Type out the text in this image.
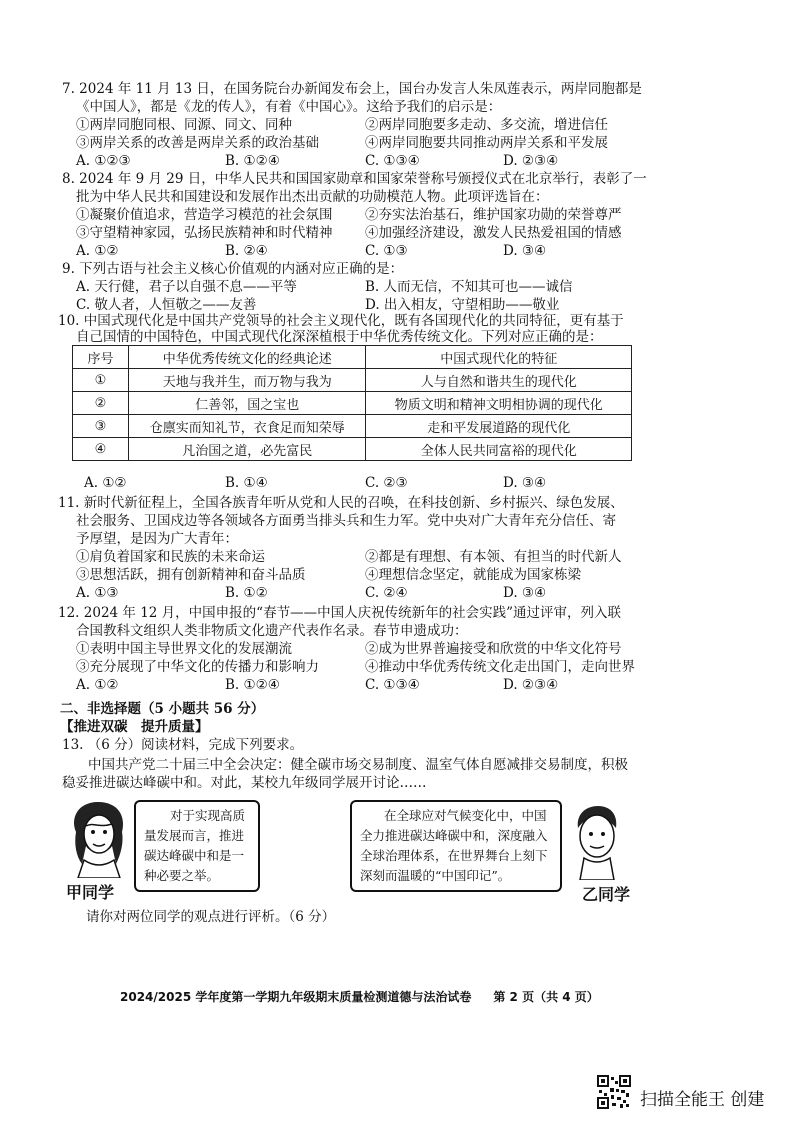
7. 2024 年 11 月 13 日，在国务院台办新闻发布会上，国台办发言人朱凤莲表示，两岸同胞都是
《中国人》，都是《龙的传人》，有着《中国心》。这给予我们的启示是：
①两岸同胞同根、同源、同文、同种	②两岸同胞要多走动、多交流，增进信任
③两岸关系的改善是两岸关系的政治基础	④两岸同胞要共同推动两岸关系和平发展
A. ①②③	B. ①②④	C. ①③④	D. ②③④
8. 2024 年 9 月 29 日，中华人民共和国国家勋章和国家荣誉称号颁授仪式在北京举行，表彰了一
批为中华人民共和国建设和发展作出杰出贡献的功勋模范人物。此项评选旨在：
①凝聚价值追求，营造学习模范的社会氛围 ②夯实法治基石，维护国家功勋的荣誉尊严
③守望精神家园，弘扬民族精神和时代精神 ④加强经济建设，激发人民热爱祖国的情感
A. ①②	B. ②④	C. ①③	D. ③④
9. 下列古语与社会主义核心价值观的内涵对应正确的是：
A. 天行健，君子以自强不息——平等	B. 人而无信，不知其可也——诚信
C. 敬人者，人恒敬之——友善	D. 出入相友，守望相助——敬业
10. 中国式现代化是中国共产党领导的社会主义现代化，既有各国现代化的共同特征，更有基于
自己国情的中国特色，中国式现代化深深植根于中华优秀传统文化。下列对应正确的是：
序号	中华优秀传统文化的经典论述	中国式现代化的特征
①	天地与我并生，而万物与我为	人与自然和谐共生的现代化
②	仁善邻，国之宝也	物质文明和精神文明相协调的现代化
③	仓廪实而知礼节，衣食足而知荣辱	走和平发展道路的现代化
④	凡治国之道，必先富民	全体人民共同富裕的现代化
A. ①②	B. ①④	C. ②③	D. ③④
11. 新时代新征程上，全国各族青年听从党和人民的召唤，在科技创新、乡村振兴、绿色发展、
社会服务、卫国戍边等各领域各方面勇当排头兵和生力军。党中央对广大青年充分信任、寄
予厚望，是因为广大青年：
①肩负着国家和民族的未来命运	②都是有理想、有本领、有担当的时代新人
③思想活跃，拥有创新精神和奋斗品质	④理想信念坚定，就能成为国家栋梁
A. ①③	B. ①②	C. ②④	D. ③④
12. 2024 年 12 月，中国申报的“春节——中国人庆祝传统新年的社会实践”通过评审，列入联
合国教科文组织人类非物质文化遗产代表作名录。春节申遗成功：
①表明中国主导世界文化的发展潮流	②成为世界普遍接受和欣赏的中华文化符号
③充分展现了中华文化的传播力和影响力	④推动中华优秀传统文化走出国门，走向世界
A. ①②	B. ①②④	C. ①③④	D. ②③④
二、非选择题（5 小题共 56 分）
【推进双碳　提升质量】
13. （6 分）阅读材料，完成下列要求。
中国共产党二十届三中全会决定：健全碳市场交易制度、温室气体自愿减排交易制度，积极
稳妥推进碳达峰碳中和。对此，某校九年级同学展开讨论……
甲同学
对于实现高质
量发展而言，推进
碳达峰碳中和是一
种必要之举。
在全球应对气候变化中，中国
全力推进碳达峰碳中和，深度融入
全球治理体系，在世界舞台上刻下
深刻而温暖的“中国印记”。
乙同学
请你对两位同学的观点进行评析。（6 分）
2024/2025 学年度第一学期九年级期末质量检测道德与法治试卷 第 2 页（共 4 页）
扫描全能王 创建
